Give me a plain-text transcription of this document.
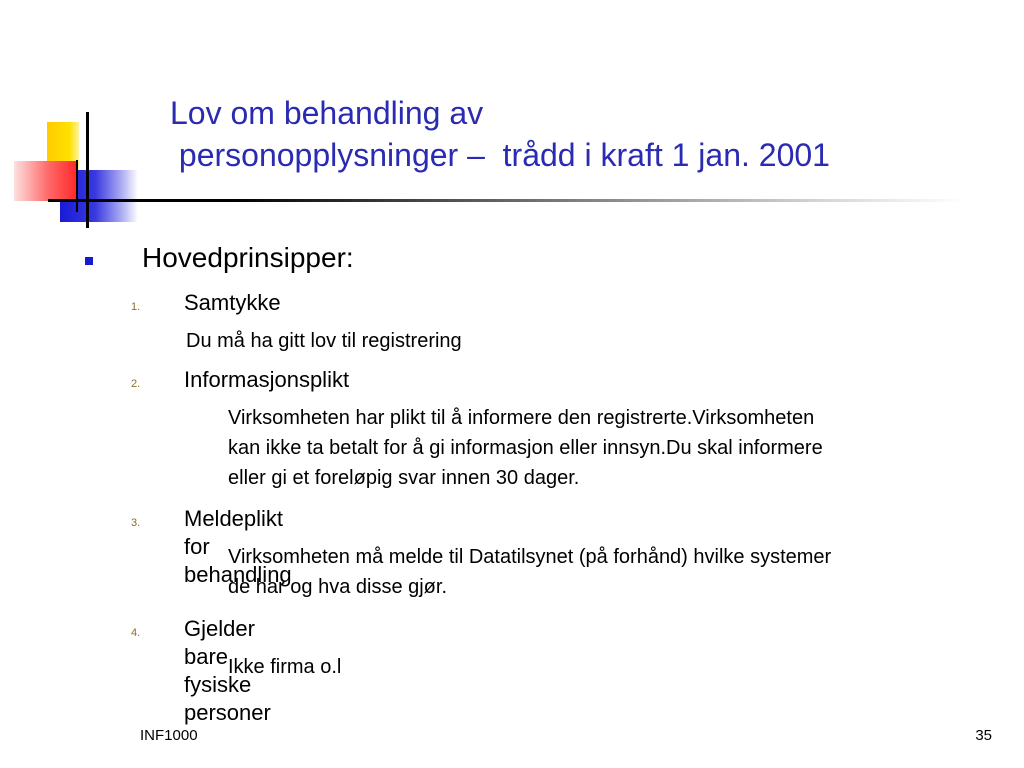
Lov om behandling av
personopplysninger –  trådd i kraft 1 jan. 2001
Hovedprinsipper:
1. Samtykke
Du må ha gitt lov til registrering
2. Informasjonsplikt
Virksomheten har plikt til å informere den registrerte.Virksomheten
kan ikke ta betalt for å gi informasjon eller innsyn.Du skal informere
eller gi et foreløpig svar innen 30 dager.
3. Meldeplikt for behandling
Virksomheten må melde til Datatilsynet (på forhånd) hvilke systemer
de har og hva disse gjør.
4. Gjelder bare fysiske personer
Ikke firma o.l
INF1000	35
